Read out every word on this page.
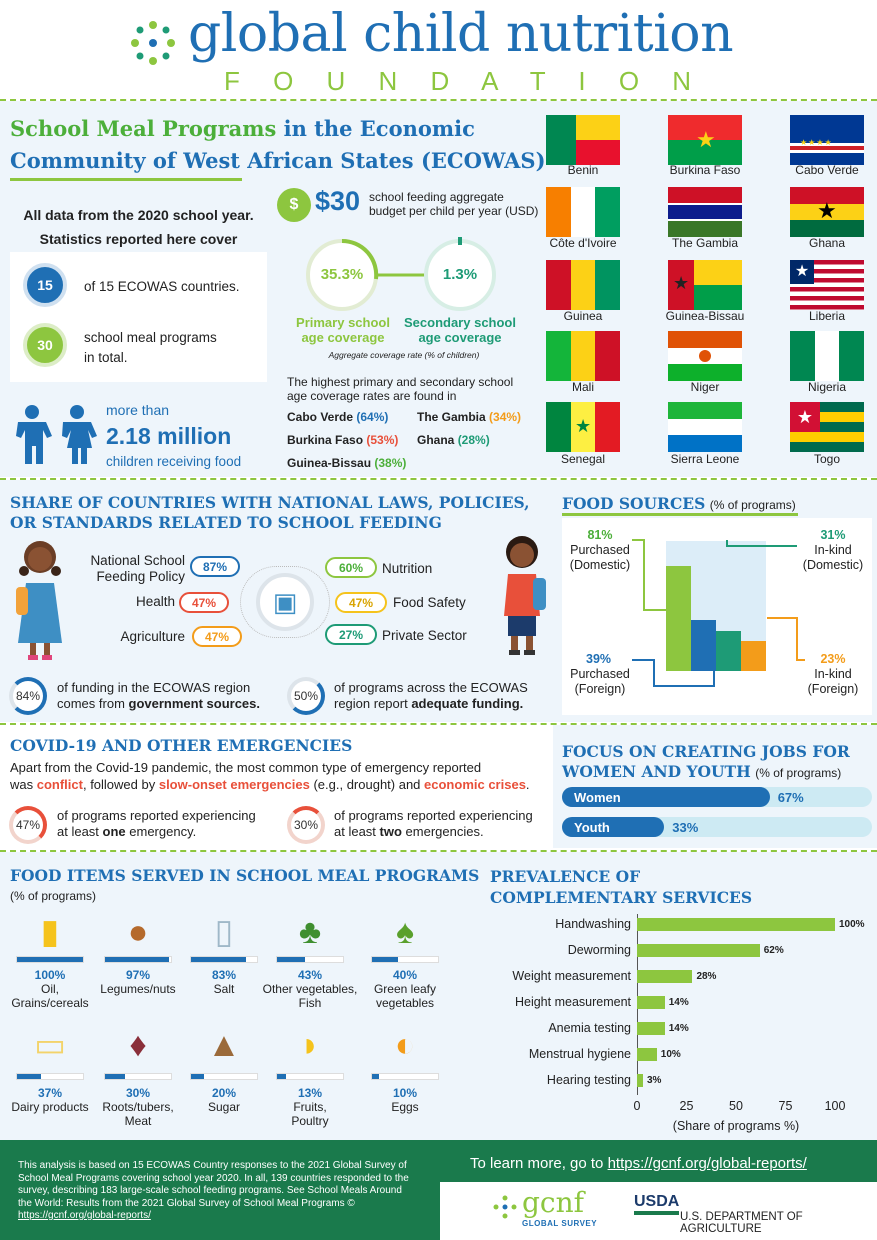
global child nutrition
F O U N D A T I O N
School Meal Programs in the Economic
Community of West African States (ECOWAS)
All data from the 2020 school year.
Statistics reported here cover
15	of 15 ECOWAS countries.
30	school meal programs
in total.
more than
2.18 million
children receiving food
$ $30 school feeding aggregate
budget per child per year (USD)
35.3%	1.3%
Primary school
age coverage
Secondary school
age coverage
Aggregate coverage rate (% of children)
The highest primary and secondary school
age coverage rates are found in
Cabo Verde (64%) The Gambia (34%)
Burkina Faso (53%) Ghana (28%)
Guinea-Bissau (38%)
★	★★★★
★
★
★
★	★
Benin	Burkina Faso	Cabo Verde
Côte d'Ivoire	The Gambia	Ghana
Guinea	Guinea-Bissau	Liberia
Mali	Niger	Nigeria
Senegal	Sierra Leone	Togo
SHARE OF COUNTRIES WITH NATIONAL LAWS, POLICIES,
OR STANDARDS RELATED TO SCHOOL FEEDING
▣
National School
Feeding Policy
87%
Health	47%
Agriculture	47%
60%	Nutrition
47%	Food Safety
27%	Private Sector
84%
of funding in the ECOWAS region
comes from government sources.	50%
of programs across the ECOWAS
region report adequate funding.
FOOD SOURCES (% of programs)
81%
Purchased
(Domestic)
39%
Purchased
(Foreign)
31%
In-kind
(Domestic)
23%
In-kind
(Foreign)
COVID-19 AND OTHER EMERGENCIES
Apart from the Covid-19 pandemic, the most common type of emergency reported
was conflict, followed by slow-onset emergencies (e.g., drought) and economic crises.
47%
of programs reported experiencing
at least one emergency.	30%
of programs reported experiencing
at least two emergencies.
FOCUS ON CREATING JOBS FOR
WOMEN AND YOUTH (% of programs)
Women	67%
Youth	33%
FOOD ITEMS SERVED IN SCHOOL MEAL PROGRAMS
(% of programs)
▮
100%
Oil,
Grains/cereals
●
97%
Legumes/nuts
▯
83%
Salt
♣
43%
Other vegetables,
Fish
♠
40%
Green leafy
vegetables
▭
37%
Dairy products
♦
30%
Roots/tubers,
Meat
▲
20%
Sugar
◗
13%
Fruits,
Poultry
◐
10%
Eggs
PREVALENCE OF
COMPLEMENTARY SERVICES
Handwashing	100%
Deworming	62%
Weight measurement	28%
Height measurement	14%
Anemia testing	14%
Menstrual hygiene	10%
Hearing testing 3%
0	25	50	75	100
(Share of programs %)
This analysis is based on 15 ECOWAS Country responses to the 2021 Global Survey of School Meal Programs covering school year 2020. In all, 139 countries responded to the survey, describing 183 large-scale school feeding programs. See School Meals Around the World: Results from the 2021 Global Survey of School Meal Programs © https://gcnf.org/global-reports/
To learn more, go to https://gcnf.org/global-reports/
gcnf
GLOBAL SURVEY
USDA
U.S. DEPARTMENT OF AGRICULTURE
